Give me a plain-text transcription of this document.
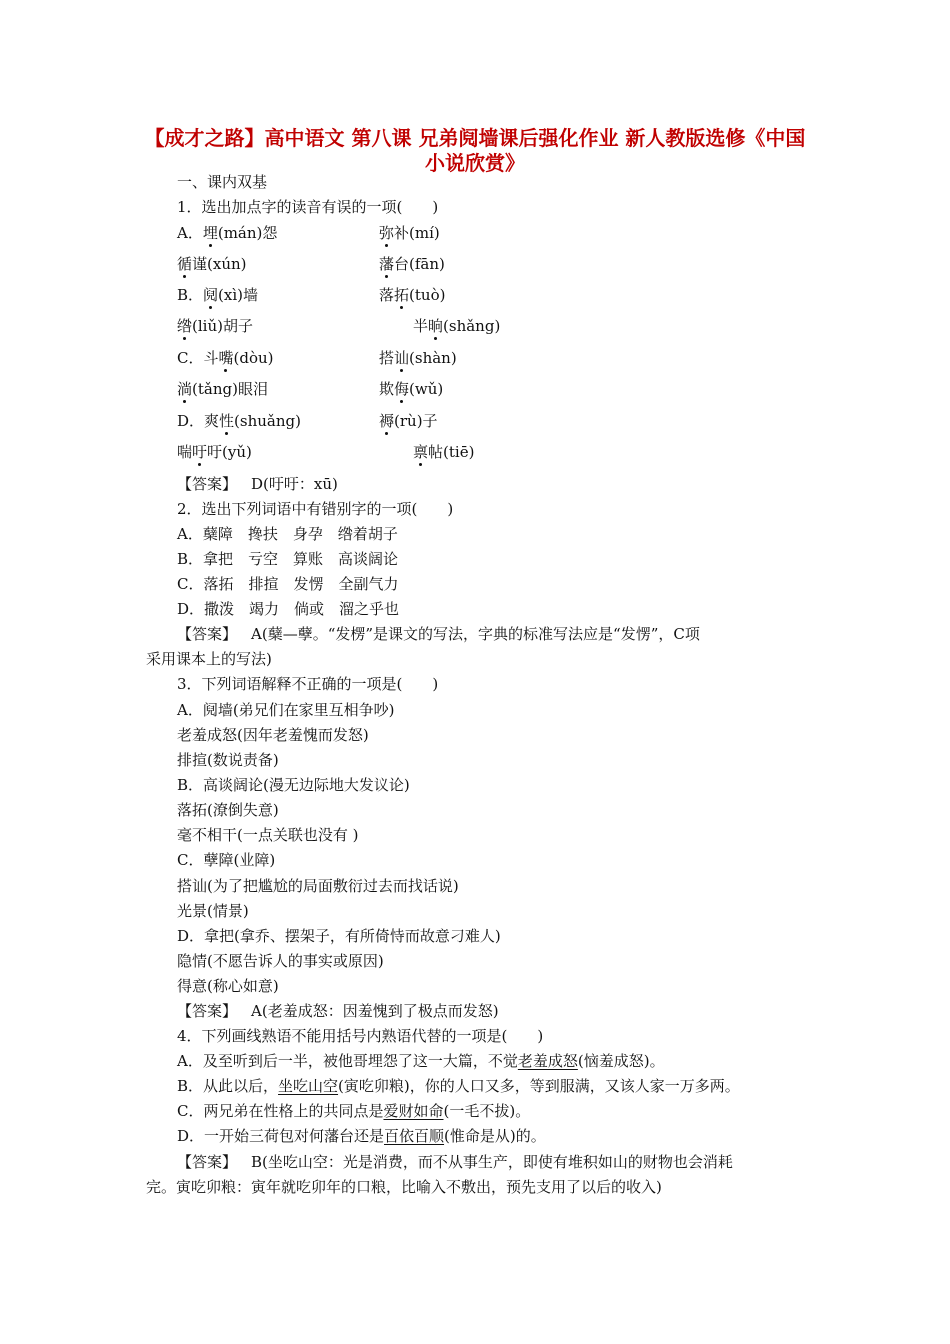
【成才之路】高中语文 第八课 兄弟阋墙课后强化作业 新人教版选修《中国小说欣赏》
一、课内双基
1．选出加点字的读音有误的一项(　　)
A．埋(mán)怨	弥补(mí)
循谨(xún)	藩台(fān)
B．阋(xì)墙	落拓(tuò)
绺(liǔ)胡子	半晌(shǎng)
C．斗嘴(dòu)	搭讪(shàn)
淌(tǎng)眼泪	欺侮(wǔ)
D．爽性(shuǎng)	褥(rù)子
喘吁吁(yǔ)	禀帖(tiē)
【答案】 D(吁吁：xū)
2．选出下列词语中有错别字的一项(　　)
A．蘖障　搀扶　身孕　绺着胡子
B．拿把　亏空　算账　高谈阔论
C．落拓　排揎　发愣　全副气力
D．撒泼　竭力　倘或　溜之乎也
【答案】 A(蘖—孽。“发楞”是课文的写法，字典的标准写法应是“发愣”，C项
采用课本上的写法)
3．下列词语解释不正确的一项是(　　)
A．阋墙(弟兄们在家里互相争吵)
老羞成怒(因年老羞愧而发怒)
排揎(数说责备)
B．高谈阔论(漫无边际地大发议论)
落拓(潦倒失意)
毫不相干(一点关联也没有 )
C．孽障(业障)
搭讪(为了把尴尬的局面敷衍过去而找话说)
光景(情景)
D．拿把(拿乔、摆架子，有所倚恃而故意刁难人)
隐情(不愿告诉人的事实或原因)
得意(称心如意)
【答案】 A(老羞成怒：因羞愧到了极点而发怒)
4．下列画线熟语不能用括号内熟语代替的一项是(　　)
A．及至听到后一半，被他哥埋怨了这一大篇，不觉老羞成怒(恼羞成怒)。
B．从此以后，坐吃山空(寅吃卯粮)，你的人口又多，等到服满，又该人家一万多两。
C．两兄弟在性格上的共同点是爱财如命(一毛不拔)。
D．一开始三荷包对何藩台还是百依百顺(惟命是从)的。
【答案】 B(坐吃山空：光是消费，而不从事生产，即使有堆积如山的财物也会消耗
完。寅吃卯粮：寅年就吃卯年的口粮，比喻入不敷出，预先支用了以后的收入)
